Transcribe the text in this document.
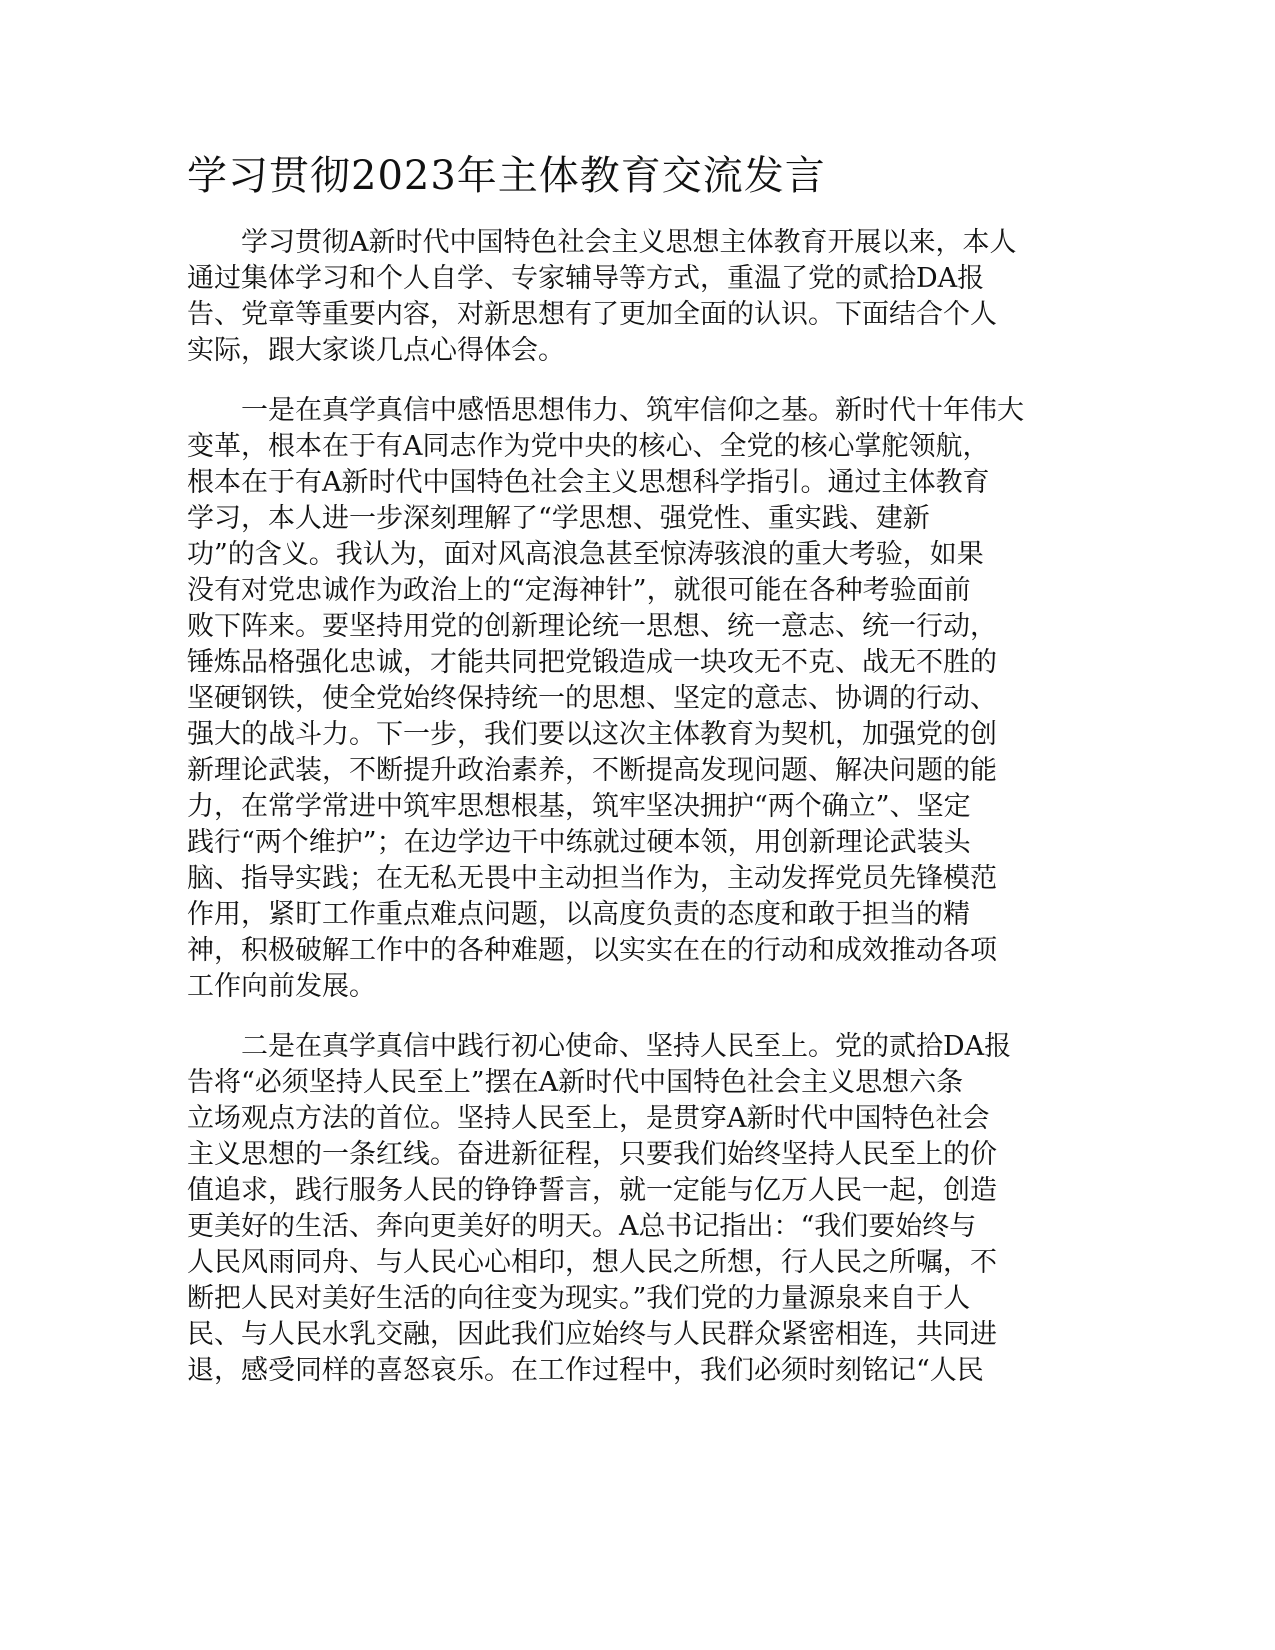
学习贯彻2023年主体教育交流发言
学习贯彻A新时代中国特色社会主义思想主体教育开展以来，本人
通过集体学习和个人自学、专家辅导等方式，重温了党的贰拾DA报
告、党章等重要内容，对新思想有了更加全面的认识。下面结合个人
实际，跟大家谈几点心得体会。
一是在真学真信中感悟思想伟力、筑牢信仰之基。新时代十年伟大
变革，根本在于有A同志作为党中央的核心、全党的核心掌舵领航，
根本在于有A新时代中国特色社会主义思想科学指引。通过主体教育
学习，本人进一步深刻理解了“学思想、强党性、重实践、建新
功”的含义。我认为，面对风高浪急甚至惊涛骇浪的重大考验，如果
没有对党忠诚作为政治上的“定海神针”，就很可能在各种考验面前
败下阵来。要坚持用党的创新理论统一思想、统一意志、统一行动，
锤炼品格强化忠诚，才能共同把党锻造成一块攻无不克、战无不胜的
坚硬钢铁，使全党始终保持统一的思想、坚定的意志、协调的行动、
强大的战斗力。下一步，我们要以这次主体教育为契机，加强党的创
新理论武装，不断提升政治素养，不断提高发现问题、解决问题的能
力，在常学常进中筑牢思想根基，筑牢坚决拥护“两个确立”、坚定
践行“两个维护”；在边学边干中练就过硬本领，用创新理论武装头
脑、指导实践；在无私无畏中主动担当作为，主动发挥党员先锋模范
作用，紧盯工作重点难点问题，以高度负责的态度和敢于担当的精
神，积极破解工作中的各种难题，以实实在在的行动和成效推动各项
工作向前发展。
二是在真学真信中践行初心使命、坚持人民至上。党的贰拾DA报
告将“必须坚持人民至上”摆在A新时代中国特色社会主义思想六条
立场观点方法的首位。坚持人民至上，是贯穿A新时代中国特色社会
主义思想的一条红线。奋进新征程，只要我们始终坚持人民至上的价
值追求，践行服务人民的铮铮誓言，就一定能与亿万人民一起，创造
更美好的生活、奔向更美好的明天。A总书记指出：“我们要始终与
人民风雨同舟、与人民心心相印，想人民之所想，行人民之所嘱，不
断把人民对美好生活的向往变为现实。”我们党的力量源泉来自于人
民、与人民水乳交融，因此我们应始终与人民群众紧密相连，共同进
退，感受同样的喜怒哀乐。在工作过程中，我们必须时刻铭记“人民
